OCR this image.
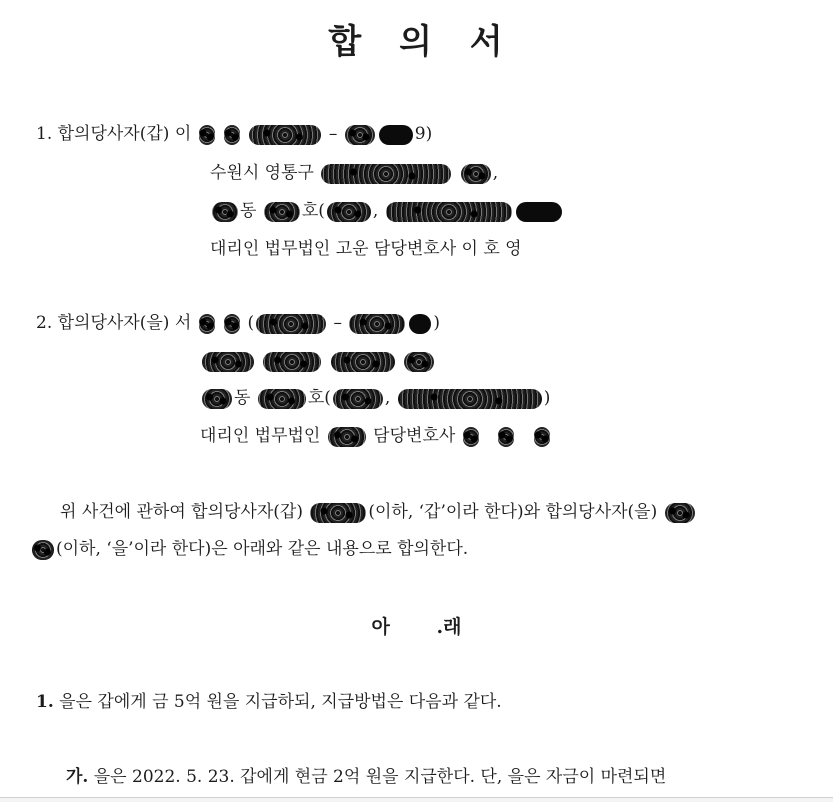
합 의 서
1. 합의당사자(갑) 이	–	9)
수원시 영통구	,
동	호(	,
대리인 법무법인 고운 담당변호사 이 호 영
2. 합의당사자(을) 서	(	–	)

동	호(	,	)
대리인 법무법인	담당변호사
위 사건에 관하여 합의당사자(갑)	(이하, ‘갑’이라 한다)와 합의당사자(을)
(이하, ‘을’이라 한다)은 아래와 같은 내용으로 합의한다.
아 .래
1. 을은 갑에게 금 5억 원을 지급하되, 지급방법은 다음과 같다.
가. 을은 2022. 5. 23. 갑에게 현금 2억 원을 지급한다. 단, 을은 자금이 마련되면
